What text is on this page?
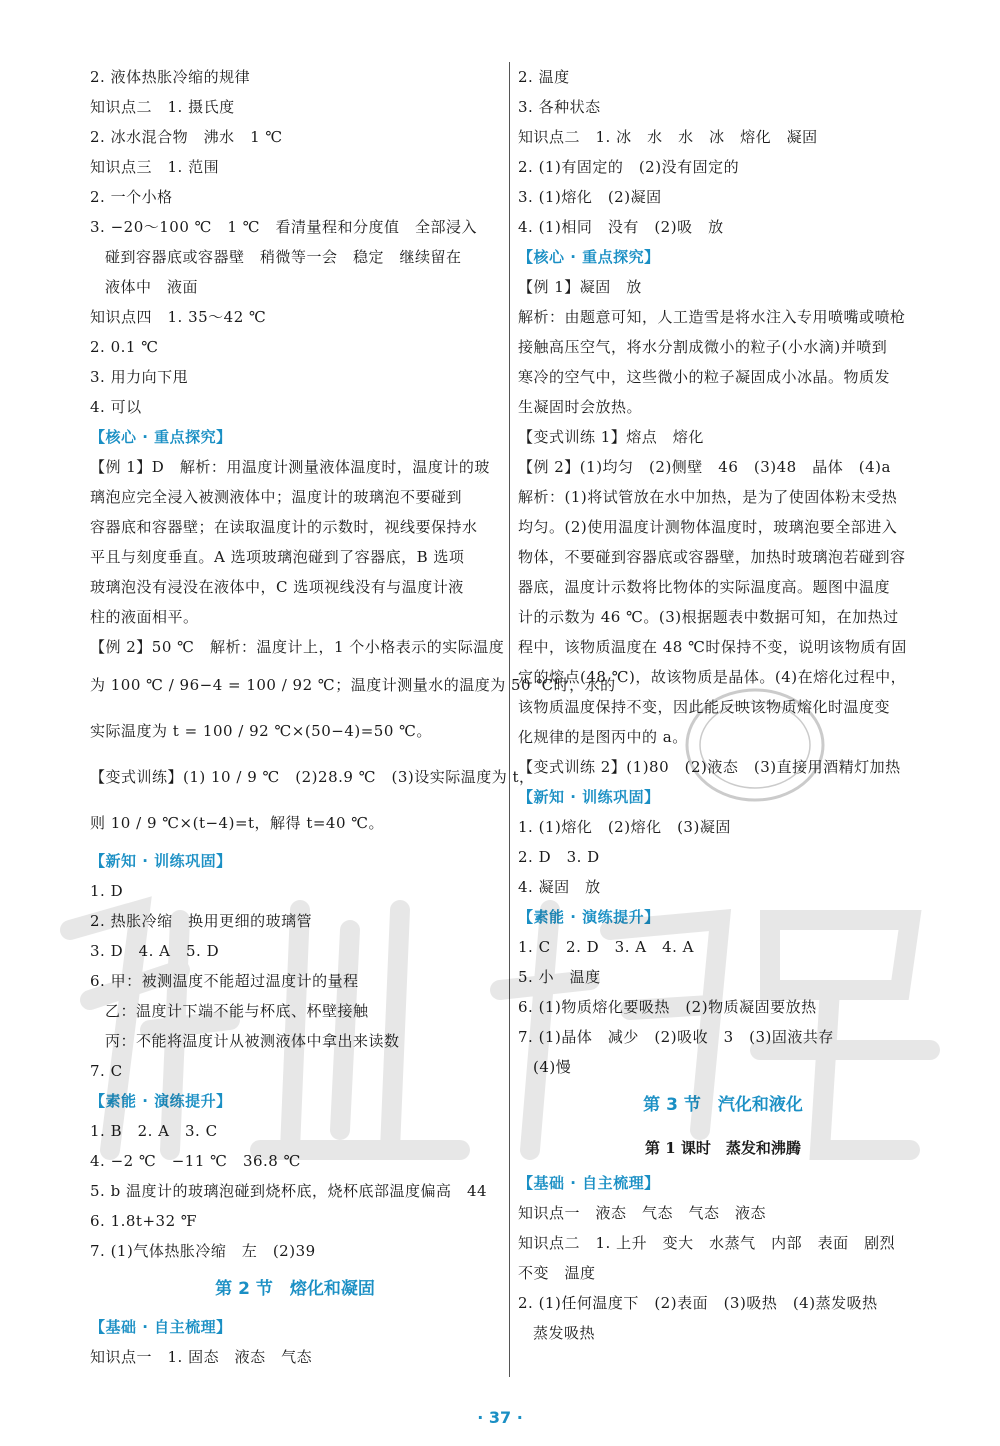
2. 液体热胀冷缩的规律
知识点二　1. 摄氏度
2. 冰水混合物　沸水　1 ℃
知识点三　1. 范围
2. 一个小格
3. −20～100 ℃　1 ℃　看清量程和分度值　全部浸入
碰到容器底或容器壁　稍微等一会　稳定　继续留在
液体中　液面
知识点四　1. 35～42 ℃
2. 0.1 ℃
3. 用力向下甩
4. 可以
【核心 · 重点探究】
【例 1】D　解析：用温度计测量液体温度时，温度计的玻
璃泡应完全浸入被测液体中；温度计的玻璃泡不要碰到
容器底和容器壁；在读取温度计的示数时，视线要保持水
平且与刻度垂直。A 选项玻璃泡碰到了容器底，B 选项
玻璃泡没有浸没在液体中，C 选项视线没有与温度计液
柱的液面相平。
【例 2】50 ℃　解析：温度计上，1 个小格表示的实际温度
为 100 ℃ / 96−4 = 100 / 92 ℃；温度计测量水的温度为 50 ℃时，水的
实际温度为 t = 100 / 92 ℃×(50−4)=50 ℃。
【变式训练】(1) 10 / 9 ℃　(2)28.9 ℃　(3)设实际温度为 t，
则 10 / 9 ℃×(t−4)=t，解得 t=40 ℃。
【新知 · 训练巩固】
1. D
2. 热胀冷缩　换用更细的玻璃管
3. D　4. A　5. D
6. 甲：被测温度不能超过温度计的量程
乙：温度计下端不能与杯底、杯壁接触
丙：不能将温度计从被测液体中拿出来读数
7. C
【素能 · 演练提升】
1. B　2. A　3. C
4. −2 ℃　−11 ℃　36.8 ℃
5. b 温度计的玻璃泡碰到烧杯底，烧杯底部温度偏高　44
6. 1.8t+32 ℉
7. (1)气体热胀冷缩　左　(2)39
第 2 节　熔化和凝固
【基础 · 自主梳理】
知识点一　1. 固态　液态　气态
2. 温度
3. 各种状态
知识点二　1. 冰　水　水　冰　熔化　凝固
2. (1)有固定的　(2)没有固定的
3. (1)熔化　(2)凝固
4. (1)相同　没有　(2)吸　放
【核心 · 重点探究】
【例 1】凝固　放
解析：由题意可知，人工造雪是将水注入专用喷嘴或喷枪
接触高压空气，将水分割成微小的粒子(小水滴)并喷到
寒冷的空气中，这些微小的粒子凝固成小冰晶。物质发
生凝固时会放热。
【变式训练 1】熔点　熔化
【例 2】(1)均匀　(2)侧壁　46　(3)48　晶体　(4)a
解析：(1)将试管放在水中加热，是为了使固体粉末受热
均匀。(2)使用温度计测物体温度时，玻璃泡要全部进入
物体，不要碰到容器底或容器壁，加热时玻璃泡若碰到容
器底，温度计示数将比物体的实际温度高。题图中温度
计的示数为 46 ℃。(3)根据题表中数据可知，在加热过
程中，该物质温度在 48 ℃时保持不变，说明该物质有固
定的熔点(48 ℃)，故该物质是晶体。(4)在熔化过程中，
该物质温度保持不变，因此能反映该物质熔化时温度变
化规律的是图丙中的 a。
【变式训练 2】(1)80　(2)液态　(3)直接用酒精灯加热
【新知 · 训练巩固】
1. (1)熔化　(2)熔化　(3)凝固
2. D　3. D
4. 凝固　放
【素能 · 演练提升】
1. C　2. D　3. A　4. A
5. 小　温度
6. (1)物质熔化要吸热　(2)物质凝固要放热
7. (1)晶体　减少　(2)吸收　3　(3)固液共存
(4)慢
第 3 节　汽化和液化
第 1 课时　蒸发和沸腾
【基础 · 自主梳理】
知识点一　液态　气态　气态　液态
知识点二　1. 上升　变大　水蒸气　内部　表面　剧烈
不变　温度
2. (1)任何温度下　(2)表面　(3)吸热　(4)蒸发吸热
蒸发吸热
· 37 ·
